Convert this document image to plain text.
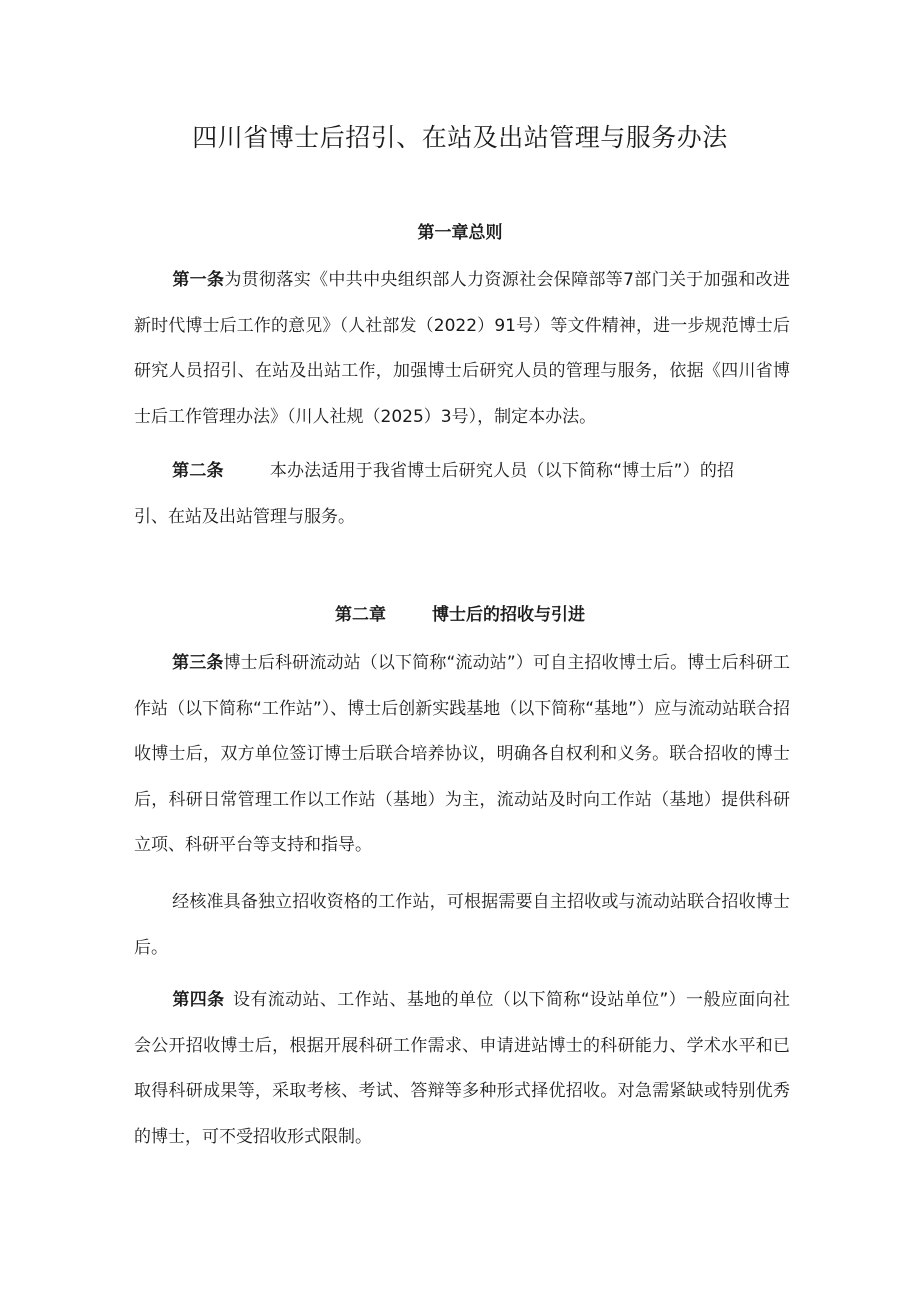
四川省博士后招引、在站及出站管理与服务办法
第一章总则
第一条为贯彻落实《中共中央组织部人力资源社会保障部等7部门关于加强和改进新时代博士后工作的意见》（人社部发（2022）91号）等文件精神，进一步规范博士后研究人员招引、在站及出站工作，加强博士后研究人员的管理与服务，依据《四川省博士后工作管理办法》（川人社规（2025）3号），制定本办法。
第二条	本办法适用于我省博士后研究人员（以下简称“博士后”）的招引、在站及出站管理与服务。
第二章	博士后的招收与引进
第三条博士后科研流动站（以下简称“流动站”）可自主招收博士后。博士后科研工作站（以下简称“工作站”）、博士后创新实践基地（以下简称“基地”）应与流动站联合招收博士后，双方单位签订博士后联合培养协议，明确各自权利和义务。联合招收的博士后，科研日常管理工作以工作站（基地）为主，流动站及时向工作站（基地）提供科研立项、科研平台等支持和指导。
经核准具备独立招收资格的工作站，可根据需要自主招收或与流动站联合招收博士后。
第四条 设有流动站、工作站、基地的单位（以下简称“设站单位”）一般应面向社会公开招收博士后，根据开展科研工作需求、申请进站博士的科研能力、学术水平和已取得科研成果等，采取考核、考试、答辩等多种形式择优招收。对急需紧缺或特别优秀的博士，可不受招收形式限制。
